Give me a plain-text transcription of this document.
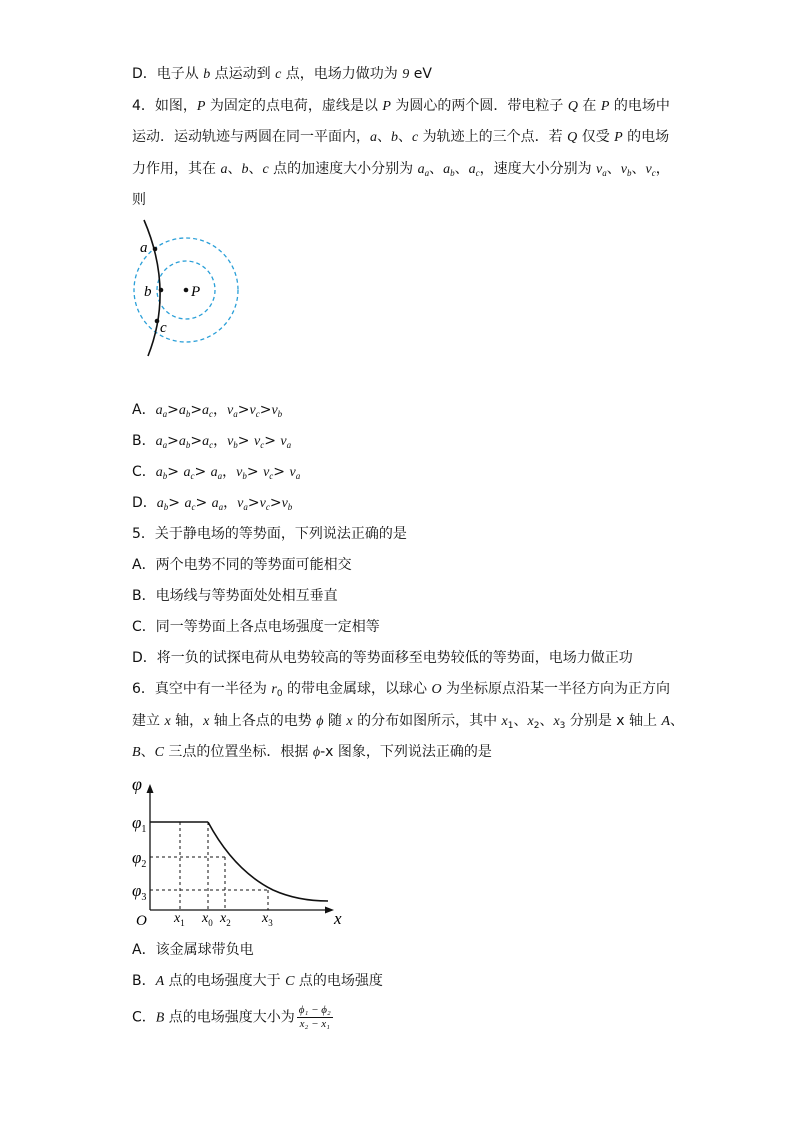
D．电子从 b 点运动到 c 点，电场力做功为 9 eV
4．如图，P 为固定的点电荷，虚线是以 P 为圆心的两个圆．带电粒子 Q 在 P 的电场中
运动．运动轨迹与两圆在同一平面内，a、b、c 为轨迹上的三个点．若 Q 仅受 P 的电场
力作用，其在 a、b、c 点的加速度大小分别为 $a_a$、$a_b$、$a_c$，速度大小分别为 $v_a$、$v_b$、$v_c$，
则
a
b
c
P
A．$a_a>a_b>a_c$，$v_a>v_c>v_b$
B．$a_a>a_b>a_c$，$v_b> v_c> v_a$
C．$a_b> a_c> a_a$，$v_b> v_c> v_a$
D．$a_b> a_c> a_a$，$v_a>v_c>v_b$
5．关于静电场的等势面，下列说法正确的是
A．两个电势不同的等势面可能相交
B．电场线与等势面处处相互垂直
C．同一等势面上各点电场强度一定相等
D．将一负的试探电荷从电势较高的等势面移至电势较低的等势面，电场力做正功
6．真空中有一半径为 $r_0$ 的带电金属球，以球心 O 为坐标原点沿某一半径方向为正方向
建立 x 轴，x 轴上各点的电势 ϕ 随 x 的分布如图所示，其中 $x_1$、$x_2$、$x_3$ 分别是 x 轴上 A、
B、C 三点的位置坐标．根据 ϕ-x 图象，下列说法正确的是
φ
x
O
$\varphi_1$
$\varphi_2$
$\varphi_3$
$x_1$ $x_0$ $x_2$ $x_3$
A．该金属球带负电
B．A 点的电场强度大于 C 点的电场强度
C．B 点的电场强度大小为 $\frac{\text{ϕ₁ − ϕ₂}}{\text{x₂ − x₁}}$
